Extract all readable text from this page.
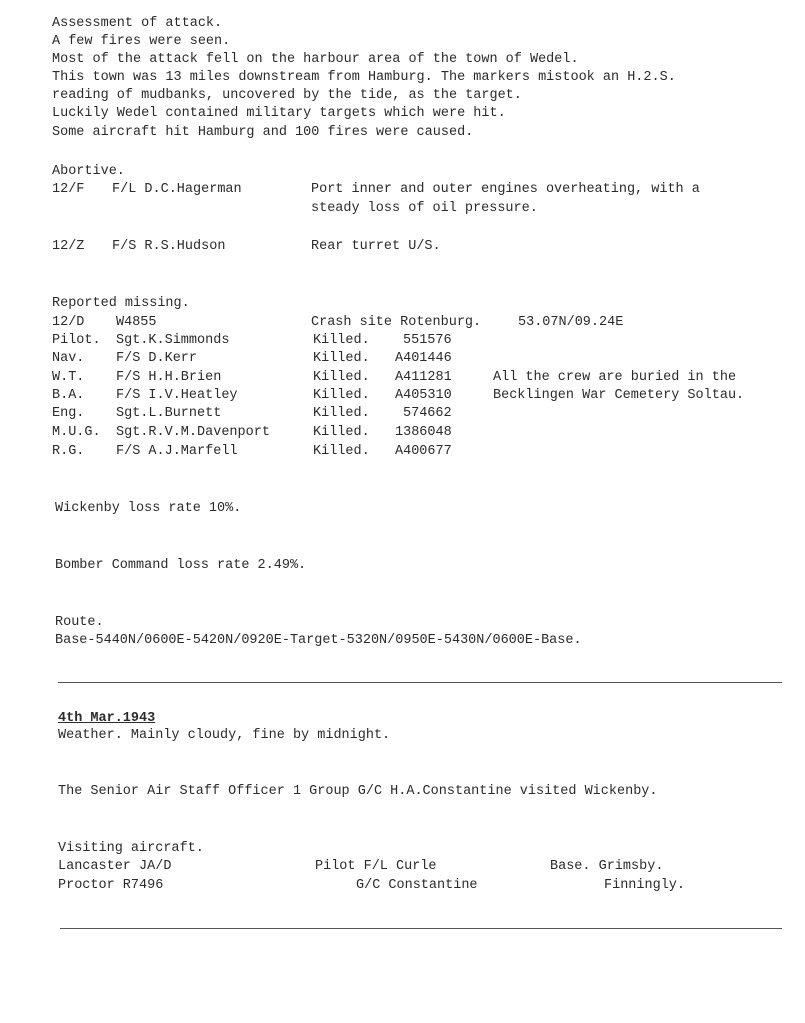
Assessment of attack.
A few fires were seen.
Most of the attack fell on the harbour area of the town of Wedel.
This town was 13 miles downstream from Hamburg. The markers mistook an H.2.S.
reading of mudbanks, uncovered by the tide, as the target.
Luckily Wedel contained military targets which were hit.
Some aircraft hit Hamburg and 100 fires were caused.
Abortive.
12/F F/L D.C.Hagerman	Port inner and outer engines overheating, with a
steady loss of oil pressure.
12/Z F/S R.S.Hudson	Rear turret U/S.
Reported missing.
12/D W4855	Crash site Rotenburg.	53.07N/09.24E
Pilot. Sgt.K.Simmonds	Killed. 551576
Nav. F/S D.Kerr	Killed. A401446
W.T. F/S H.H.Brien	Killed. A411281	All the crew are buried in the
B.A. F/S I.V.Heatley	Killed. A405310	Becklingen War Cemetery Soltau.
Eng. Sgt.L.Burnett	Killed. 574662
M.U.G. Sgt.R.V.M.Davenport	Killed. 1386048
R.G. F/S A.J.Marfell	Killed. A400677
Wickenby loss rate 10%.
Bomber Command loss rate 2.49%.
Route.
Base-5440N/0600E-5420N/0920E-Target-5320N/0950E-5430N/0600E-Base.
4th Mar.1943
Weather. Mainly cloudy, fine by midnight.
The Senior Air Staff Officer 1 Group G/C H.A.Constantine visited Wickenby.
Visiting aircraft.
Lancaster JA/D	Pilot F/L Curle	Base. Grimsby.
Proctor R7496	G/C Constantine	Finningly.
